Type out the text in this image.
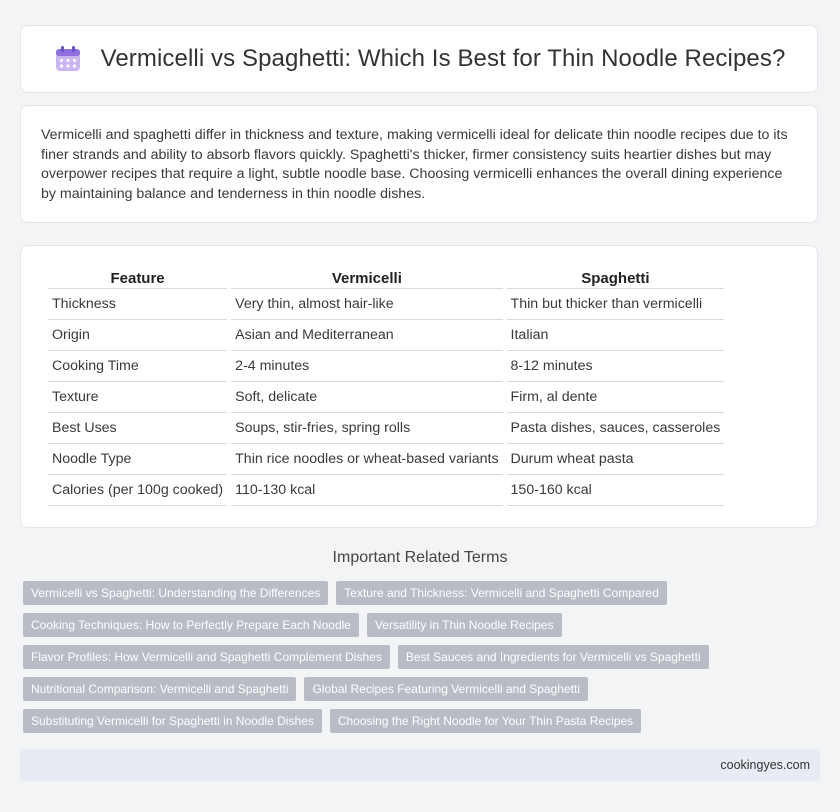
Vermicelli vs Spaghetti: Which Is Best for Thin Noodle Recipes?

Vermicelli and spaghetti differ in thickness and texture, making vermicelli ideal for delicate thin noodle recipes due to its finer strands and ability to absorb flavors quickly. Spaghetti's thicker, firmer consistency suits heartier dishes but may overpower recipes that require a light, subtle noodle base. Choosing vermicelli enhances the overall dining experience by maintaining balance and tenderness in thin noodle dishes.

Feature	Vermicelli	Spaghetti
Thickness	Very thin, almost hair-like	Thin but thicker than vermicelli
Origin	Asian and Mediterranean	Italian
Cooking Time	2-4 minutes	8-12 minutes
Texture	Soft, delicate	Firm, al dente
Best Uses	Soups, stir-fries, spring rolls	Pasta dishes, sauces, casseroles
Noodle Type	Thin rice noodles or wheat-based variants	Durum wheat pasta
Calories (per 100g cooked)	110-130 kcal	150-160 kcal
Important Related Terms
Vermicelli vs Spaghetti: Understanding the Differences	Texture and Thickness: Vermicelli and Spaghetti Compared
Cooking Techniques: How to Perfectly Prepare Each Noodle	Versatility in Thin Noodle Recipes
Flavor Profiles: How Vermicelli and Spaghetti Complement Dishes	Best Sauces and Ingredients for Vermicelli vs Spaghetti
Nutritional Comparison: Vermicelli and Spaghetti	Global Recipes Featuring Vermicelli and Spaghetti
Substituting Vermicelli for Spaghetti in Noodle Dishes	Choosing the Right Noodle for Your Thin Pasta Recipes
cookingyes.com
